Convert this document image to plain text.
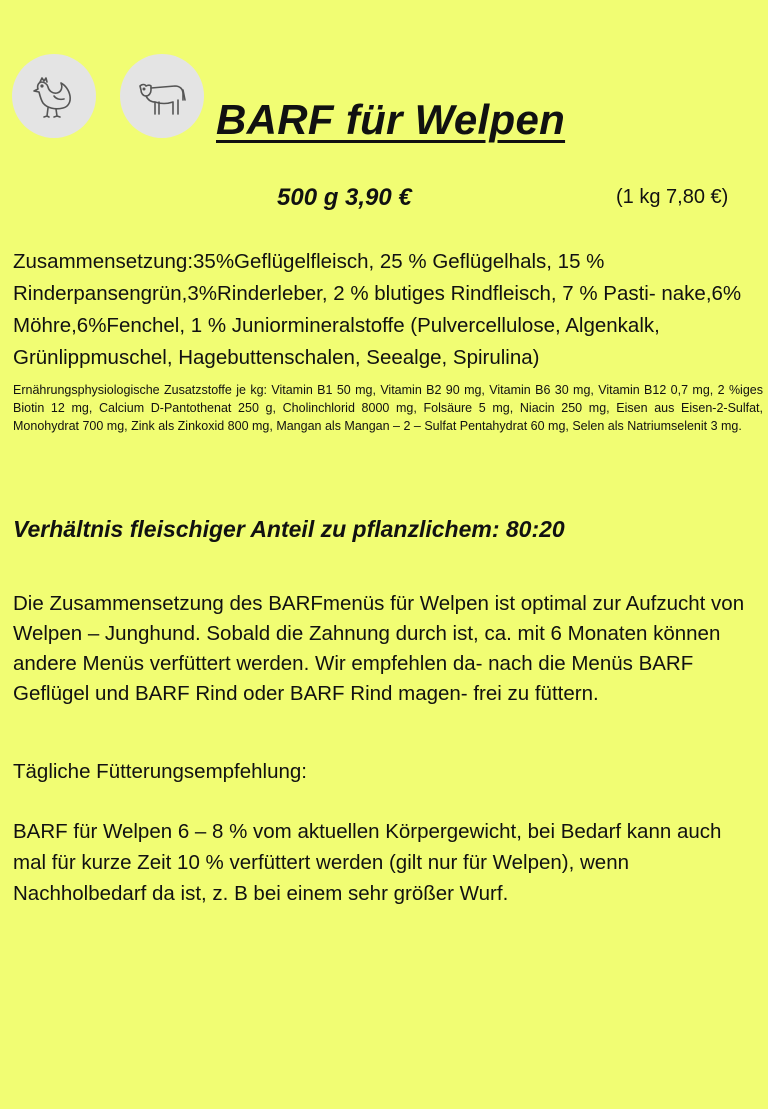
BARF für Welpen
500 g 3,90 €	(1 kg 7,80 €)
Zusammensetzung:35%Geflügelfleisch, 25 % Geflügelhals, 15 % Rinderpansengrün,3%Rinderleber, 2 % blutiges Rindfleisch, 7 % Pasti- nake,6% Möhre,6%Fenchel, 1 % Juniormineralstoffe (Pulvercellulose, Algenkalk, Grünlippmuschel, Hagebuttenschalen, Seealge, Spirulina)
Ernährungsphysiologische Zusatzstoffe je kg: Vitamin B1 50 mg, Vitamin B2 90 mg, Vitamin B6 30 mg, Vitamin B12 0,7 mg, 2 %iges Biotin 12 mg, Calcium D-Pantothenat 250 g, Cholinchlorid 8000 mg, Folsäure 5 mg, Niacin 250 mg, Eisen aus Eisen-2-Sulfat, Monohydrat 700 mg, Zink als Zinkoxid 800 mg, Mangan als Mangan – 2 – Sulfat Pentahydrat 60 mg, Selen als Natriumselenit 3 mg.
Verhältnis fleischiger Anteil zu pflanzlichem: 80:20
Die Zusammensetzung des BARFmenüs für Welpen ist optimal zur Aufzucht von Welpen – Junghund. Sobald die Zahnung durch ist, ca. mit 6 Monaten können andere Menüs verfüttert werden. Wir empfehlen da- nach die Menüs BARF Geflügel und BARF Rind oder BARF Rind magen- frei zu füttern.
Tägliche Fütterungsempfehlung:
BARF für Welpen 6 – 8 % vom aktuellen Körpergewicht, bei Bedarf kann auch mal für kurze Zeit 10 % verfüttert werden (gilt nur für Welpen), wenn Nachholbedarf da ist, z. B bei einem sehr größer Wurf.
